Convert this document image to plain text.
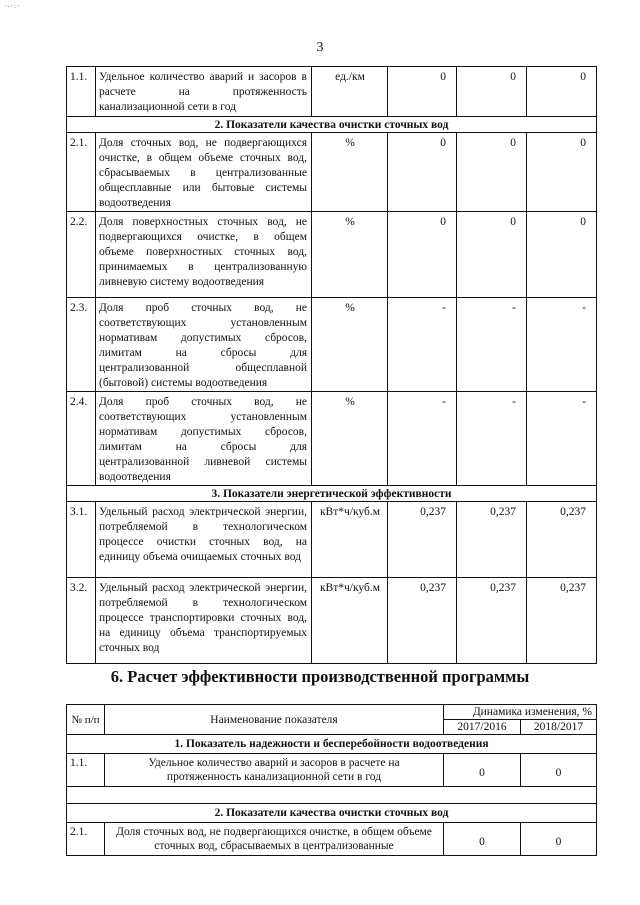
·‑·:·
3
1.1.	Удельное количество аварий и засоров в расчете на протяженность канализационной сети в год	ед./км	0	0	0
2. Показатели качества очистки сточных вод					
2.1.	Доля сточных вод, не подвергающихся очистке, в общем объеме сточных вод, сбрасываемых в централизованные общесплавные или бытовые системы водоотведения	%	0	0	0
2.2.	Доля поверхностных сточных вод, не подвергающихся очистке, в общем объеме поверхностных сточных вод, принимаемых в централизованную ливневую систему водоотведения	%	0	0	0
2.3.	Доля проб сточных вод, не соответствующих установленным нормативам допустимых сбросов, лимитам на сбросы для централизованной общесплавной (бытовой) системы водоотведения	%	-	-	-
2.4.	Доля проб сточных вод, не соответствующих установленным нормативам допустимых сбросов, лимитам на сбросы для централизованной ливневой системы водоотведения	%	-	-	-
3. Показатели энергетической эффективности					
3.1.	Удельный расход электрической энергии, потребляемой в технологическом процессе очистки сточных вод, на единицу объема очищаемых сточных вод	кВт*ч/куб.м	0,237	0,237	0,237
3.2.	Удельный расход электрической энергии, потребляемой в технологическом процессе транспортировки сточных вод, на единицу объема транспортируемых сточных вод	кВт*ч/куб.м	0,237	0,237	0,237
6. Расчет эффективности производственной программы
№ п/п	Наименование показателя	Динамика изменения, %	
		2017/2016	2018/2017
1. Показатель надежности и бесперебойности водоотведения			
1.1.	Удельное количество аварий и засоров в расчете на протяженность канализационной сети в год	0	0

2. Показатели качества очистки сточных вод			
2.1.	Доля сточных вод, не подвергающихся очистке, в общем объеме сточных вод, сбрасываемых в централизованные	0	0
